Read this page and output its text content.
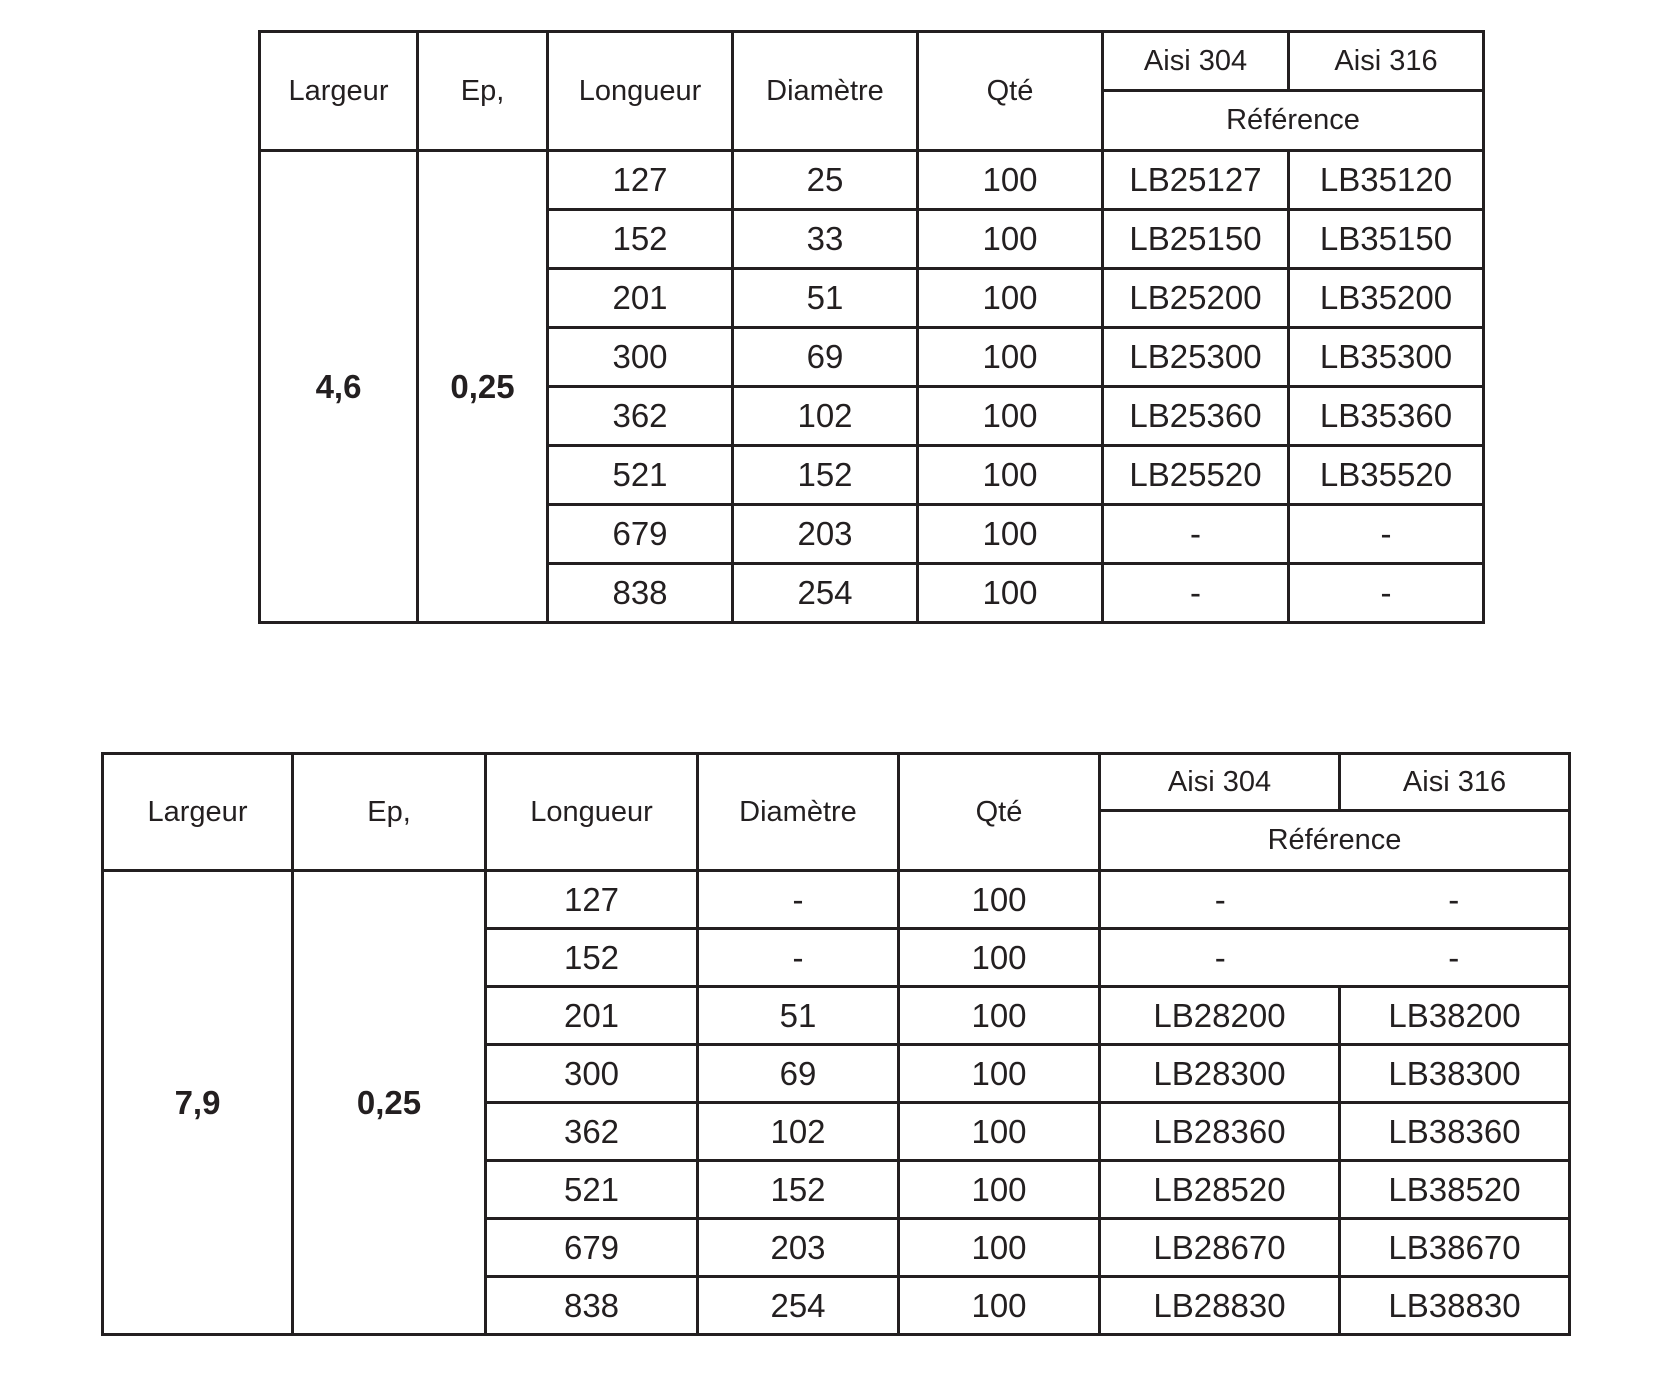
Largeur	Ep,	Longueur	Diamètre	Qté	Aisi 304	Aisi 316
					Référence	
4,6	0,25	127	25	100	LB25127	LB35120
		152	33	100	LB25150	LB35150
		201	51	100	LB25200	LB35200
		300	69	100	LB25300	LB35300
		362	102	100	LB25360	LB35360
		521	152	100	LB25520	LB35520
		679	203	100	-	-
		838	254	100	-	-
Largeur	Ep,	Longueur	Diamètre	Qté	Aisi 304	Aisi 316
					Référence	
7,9	0,25	127	-	100	-	-
		152	-	100	-	-
		201	51	100	LB28200	LB38200
		300	69	100	LB28300	LB38300
		362	102	100	LB28360	LB38360
		521	152	100	LB28520	LB38520
		679	203	100	LB28670	LB38670
		838	254	100	LB28830	LB38830
